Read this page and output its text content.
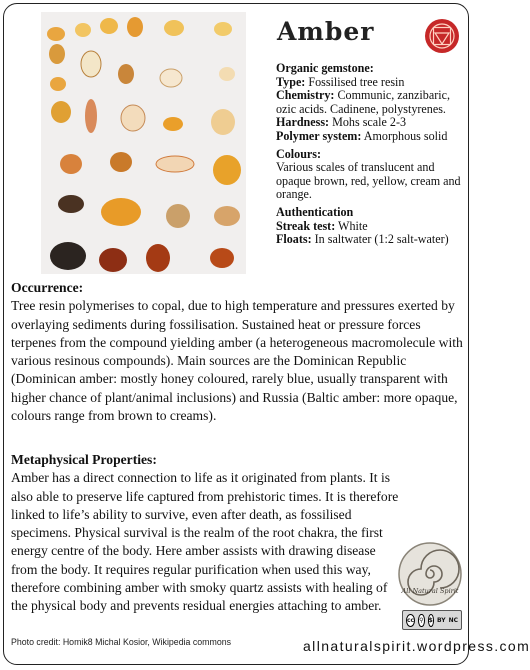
Amber
Organic gemstone:
Type: Fossilised tree resin
Chemistry: Communic, zanzibaric, ozic acids. Cadinene, polystyrenes.
Hardness: Mohs scale 2-3
Polymer system: Amorphous solid
Colours:
Various scales of translucent and opaque brown, red, yellow, cream and orange.
Authentication
Streak test: White
Floats: In saltwater (1:2 salt-water)
Occurrence:
Tree resin polymerises to copal, due to high temperature and pressures exerted by overlaying sediments during fossilisation. Sustained heat or pressure forces terpenes from the compound yielding amber (a heterogeneous macromolecule with various resinous compounds). Main sources are the Dominican Republic (Dominican amber: mostly honey coloured, rarely blue, usually transparent with higher chance of plant/animal inclusions) and Russia (Baltic amber: more opaque, colours range from brown to creams).
Metaphysical Properties:
Amber has a direct connection to life as it originated from plants. It is also able to preserve life captured from prehistoric times. It is therefore linked to life’s ability to survive, even after death, as fossilised specimens. Physical survival is the realm of the root chakra, the first energy centre of the body. Here amber assists with drawing disease from the body. It requires regular purification when used this way, therefore combining amber with smoky quartz assists with healing of the physical body and prevents residual energies attaching to amber.
All Natural Spirit
cc ⚲ $ BY NC
Photo credit: Homik8 Michal Kosior, Wikipedia commons	allnaturalspirit.wordpress.com
